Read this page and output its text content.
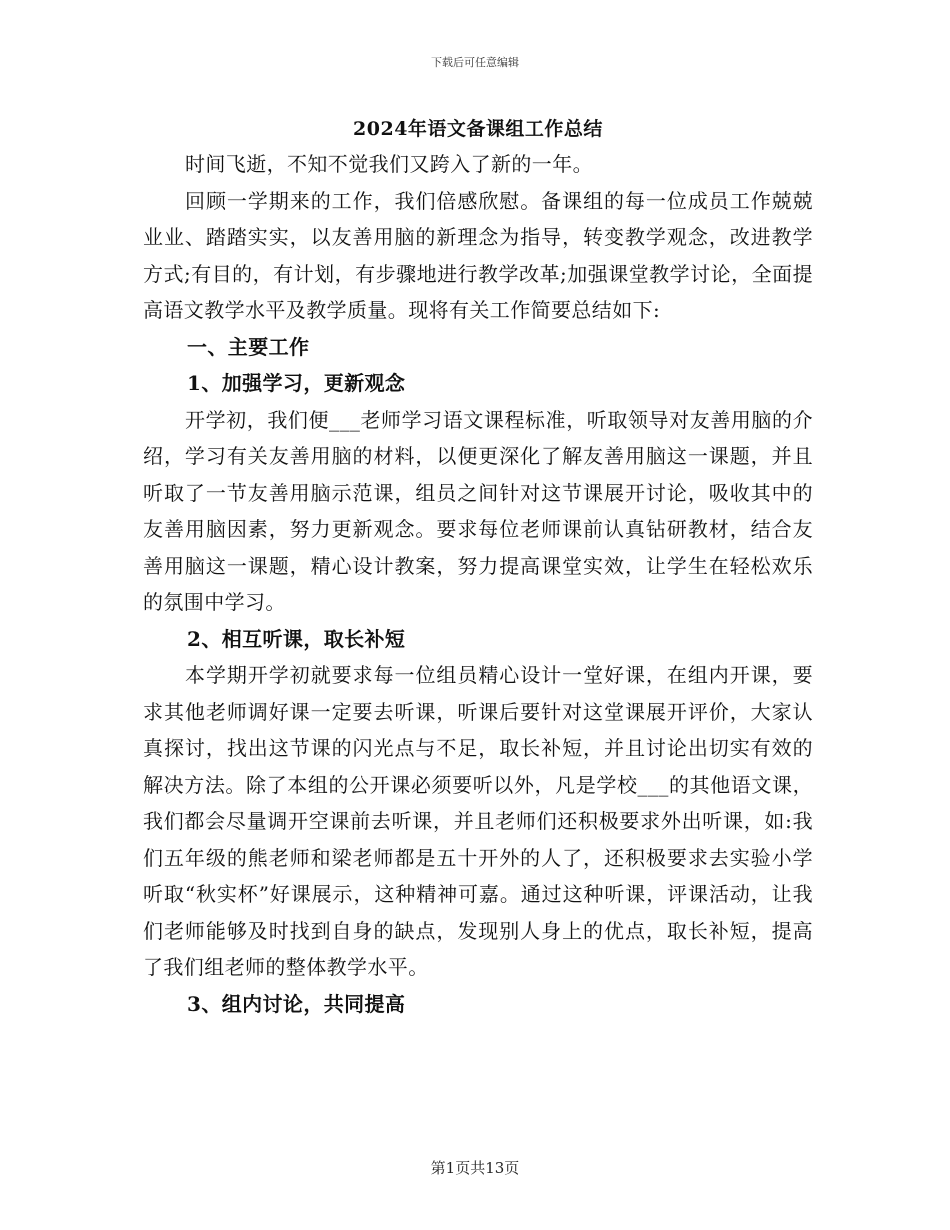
下载后可任意编辑
2024年语文备课组工作总结

时间飞逝，不知不觉我们又跨入了新的一年。

回顾一学期来的工作，我们倍感欣慰。备课组的每一位成员工作兢兢业业、踏踏实实，以友善用脑的新理念为指导，转变教学观念，改进教学方式;有目的，有计划，有步骤地进行教学改革;加强课堂教学讨论，全面提高语文教学水平及教学质量。现将有关工作简要总结如下:

一、主要工作

1、加强学习，更新观念

开学初，我们便___老师学习语文课程标准，听取领导对友善用脑的介绍，学习有关友善用脑的材料，以便更深化了解友善用脑这一课题，并且听取了一节友善用脑示范课，组员之间针对这节课展开讨论，吸收其中的友善用脑因素，努力更新观念。要求每位老师课前认真钻研教材，结合友善用脑这一课题，精心设计教案，努力提高课堂实效，让学生在轻松欢乐的氛围中学习。

2、相互听课，取长补短

本学期开学初就要求每一位组员精心设计一堂好课，在组内开课，要求其他老师调好课一定要去听课，听课后要针对这堂课展开评价，大家认真探讨，找出这节课的闪光点与不足，取长补短，并且讨论出切实有效的解决方法。除了本组的公开课必须要听以外，凡是学校___的其他语文课，我们都会尽量调开空课前去听课，并且老师们还积极要求外出听课，如:我们五年级的熊老师和梁老师都是五十开外的人了，还积极要求去实验小学听取“秋实杯”好课展示，这种精神可嘉。通过这种听课，评课活动，让我们老师能够及时找到自身的缺点，发现别人身上的优点，取长补短，提高了我们组老师的整体教学水平。

3、组内讨论，共同提高

第1页共13页
